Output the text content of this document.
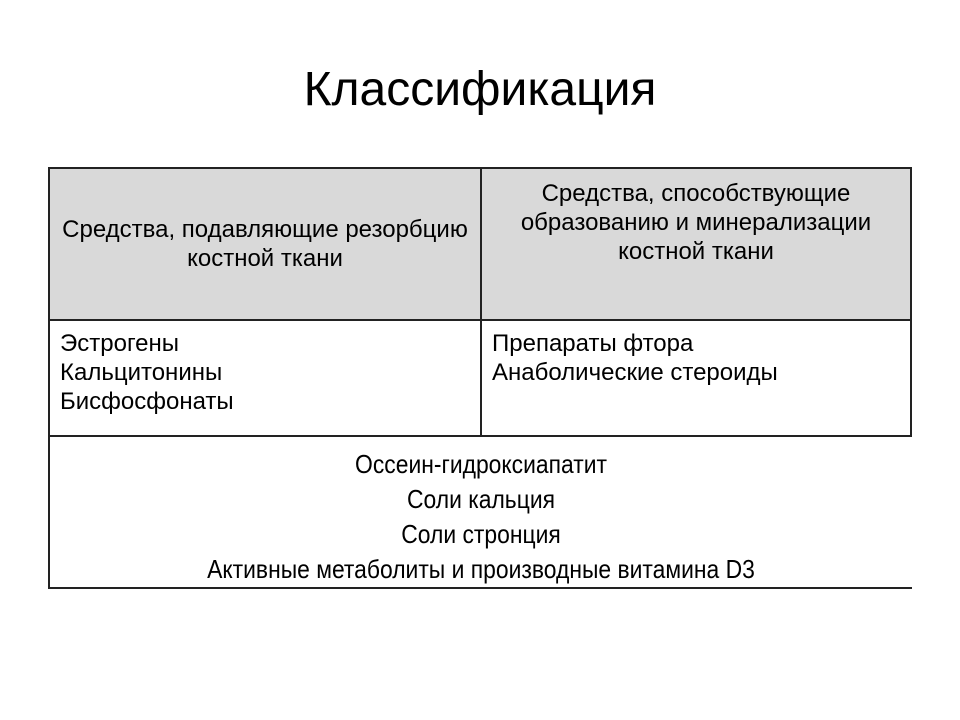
Классификация
Средства, подавляющие резорбцию костной ткани
Средства, способствующие образованию и минерализации костной ткани
Эстрогены
Кальцитонины
Бисфосфонаты
Препараты фтора
Анаболические стероиды
Оссеин-гидроксиапатит
Соли кальция
Соли стронция
Активные метаболиты и производные витамина D3
